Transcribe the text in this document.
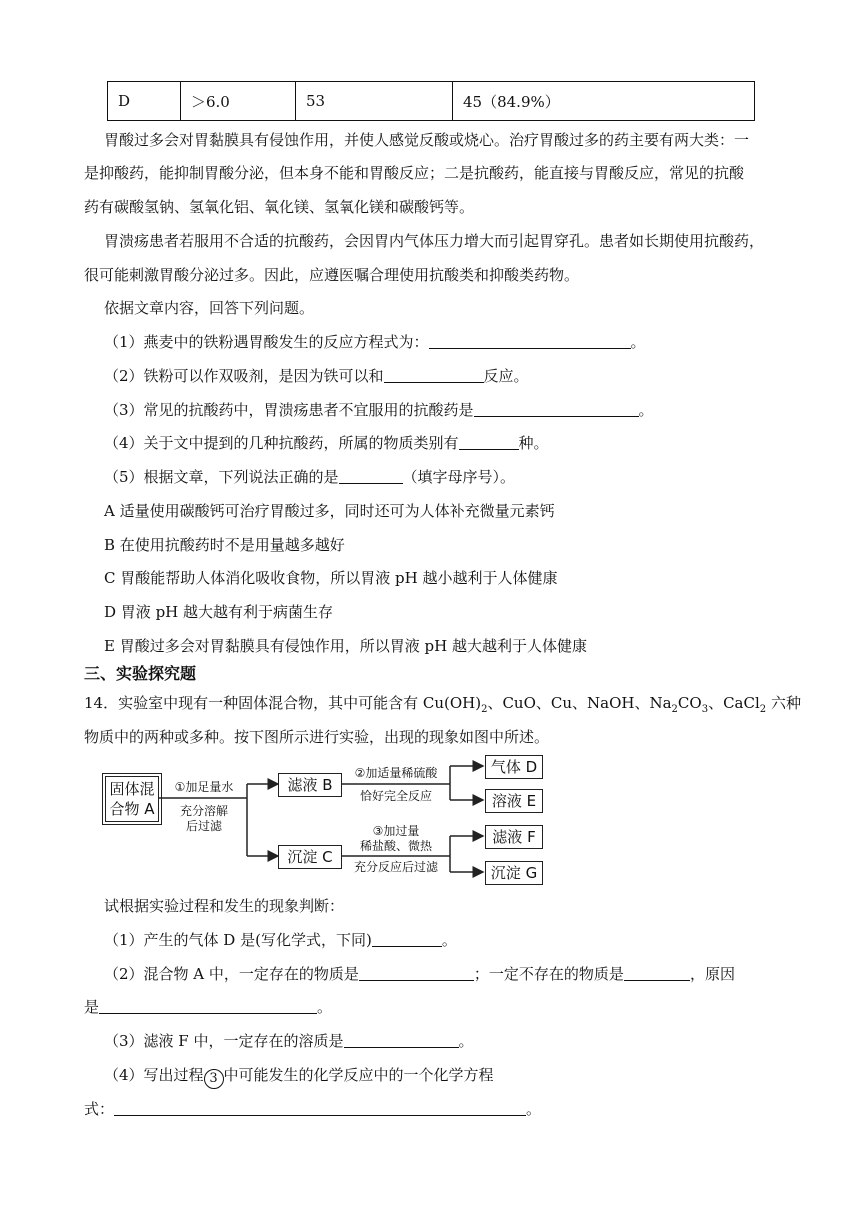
D	＞6.0	53	45（84.9%）
胃酸过多会对胃黏膜具有侵蚀作用，并使人感觉反酸或烧心。治疗胃酸过多的药主要有两大类：一
是抑酸药，能抑制胃酸分泌，但本身不能和胃酸反应；二是抗酸药，能直接与胃酸反应，常见的抗酸
药有碳酸氢钠、氢氧化铝、氧化镁、氢氧化镁和碳酸钙等。
胃溃疡患者若服用不合适的抗酸药，会因胃内气体压力增大而引起胃穿孔。患者如长期使用抗酸药，
很可能刺激胃酸分泌过多。因此，应遵医嘱合理使用抗酸类和抑酸类药物。
依据文章内容，回答下列问题。
（1）燕麦中的铁粉遇胃酸发生的反应方程式为：	。
（2）铁粉可以作双吸剂，是因为铁可以和	反应。
（3）常见的抗酸药中，胃溃疡患者不宜服用的抗酸药是	。
（4）关于文中提到的几种抗酸药，所属的物质类别有	种。
（5）根据文章，下列说法正确的是	（填字母序号）。
A 适量使用碳酸钙可治疗胃酸过多，同时还可为人体补充微量元素钙
B 在使用抗酸药时不是用量越多越好
C 胃酸能帮助人体消化吸收食物，所以胃液 pH 越小越利于人体健康
D 胃液 pH 越大越有利于病菌生存
E 胃酸过多会对胃黏膜具有侵蚀作用，所以胃液 pH 越大越利于人体健康
三、实验探究题
14．实验室中现有一种固体混合物，其中可能含有 $Cu(OH)_2$、CuO、Cu、NaOH、$Na_2CO_3$、CaCl$_2$ 六种
物质中的两种或多种。按下图所示进行实验，出现的现象如图中所述。
固体混
合物 A
①加足量水
充分溶解
后过滤
滤液 B
沉淀 C
②加适量稀硫酸
恰好完全反应
③加过量
稀盐酸、微热
充分反应后过滤
气体 D
溶液 E
滤液 F
沉淀 G
试根据实验过程和发生的现象判断：
（1）产生的气体 D 是(写化学式，下同)	。
（2）混合物 A 中，一定存在的物质是	；一定不存在的物质是	，原因
是	。
（3）滤液 F 中，一定存在的溶质是	。
（4）写出过程 3 中可能发生的化学反应中的一个化学方程
式：	。
